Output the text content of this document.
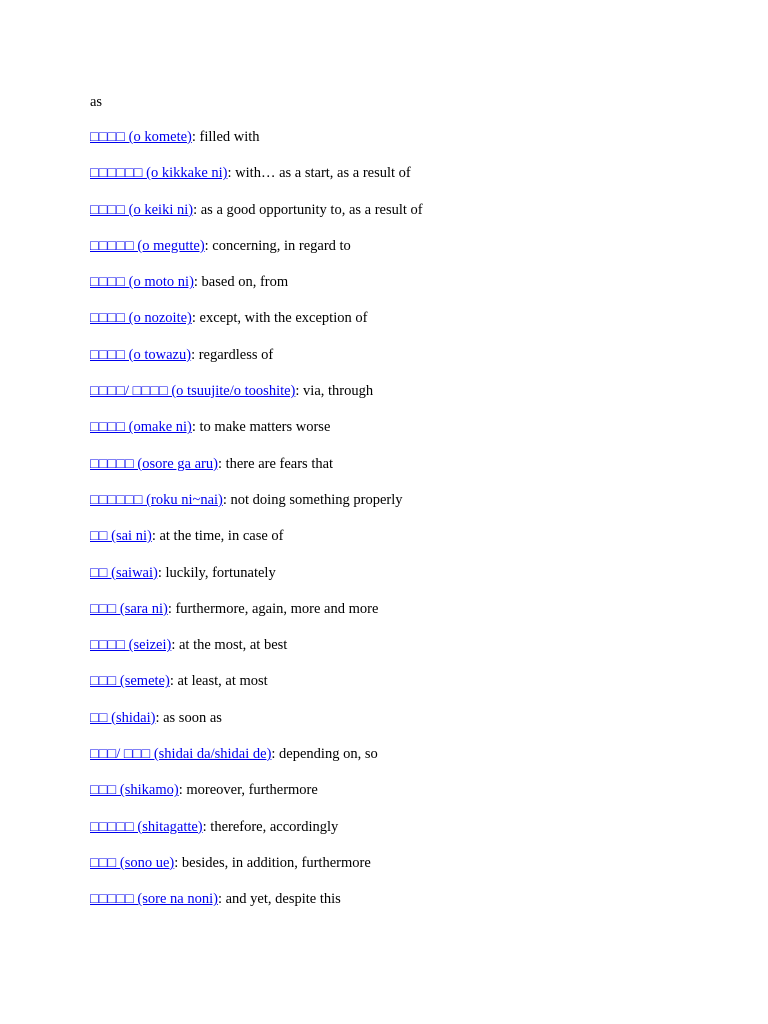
as
□□□□ (o komete): filled with
□□□□□□ (o kikkake ni): with… as a start, as a result of
□□□□ (o keiki ni): as a good opportunity to, as a result of
□□□□□ (o megutte): concerning, in regard to
□□□□ (o moto ni): based on, from
□□□□ (o nozoite): except, with the exception of
□□□□ (o towazu): regardless of
□□□□/ □□□□ (o tsuujite/o tooshite): via, through
□□□□ (omake ni): to make matters worse
□□□□□ (osore ga aru): there are fears that
□□□□□□ (roku ni~nai): not doing something properly
□□ (sai ni): at the time, in case of
□□ (saiwai): luckily, fortunately
□□□ (sara ni): furthermore, again, more and more
□□□□ (seizei): at the most, at best
□□□ (semete): at least, at most
□□ (shidai): as soon as
□□□/ □□□ (shidai da/shidai de): depending on, so
□□□ (shikamo): moreover, furthermore
□□□□□ (shitagatte): therefore, accordingly
□□□ (sono ue): besides, in addition, furthermore
□□□□□ (sore na noni): and yet, despite this
